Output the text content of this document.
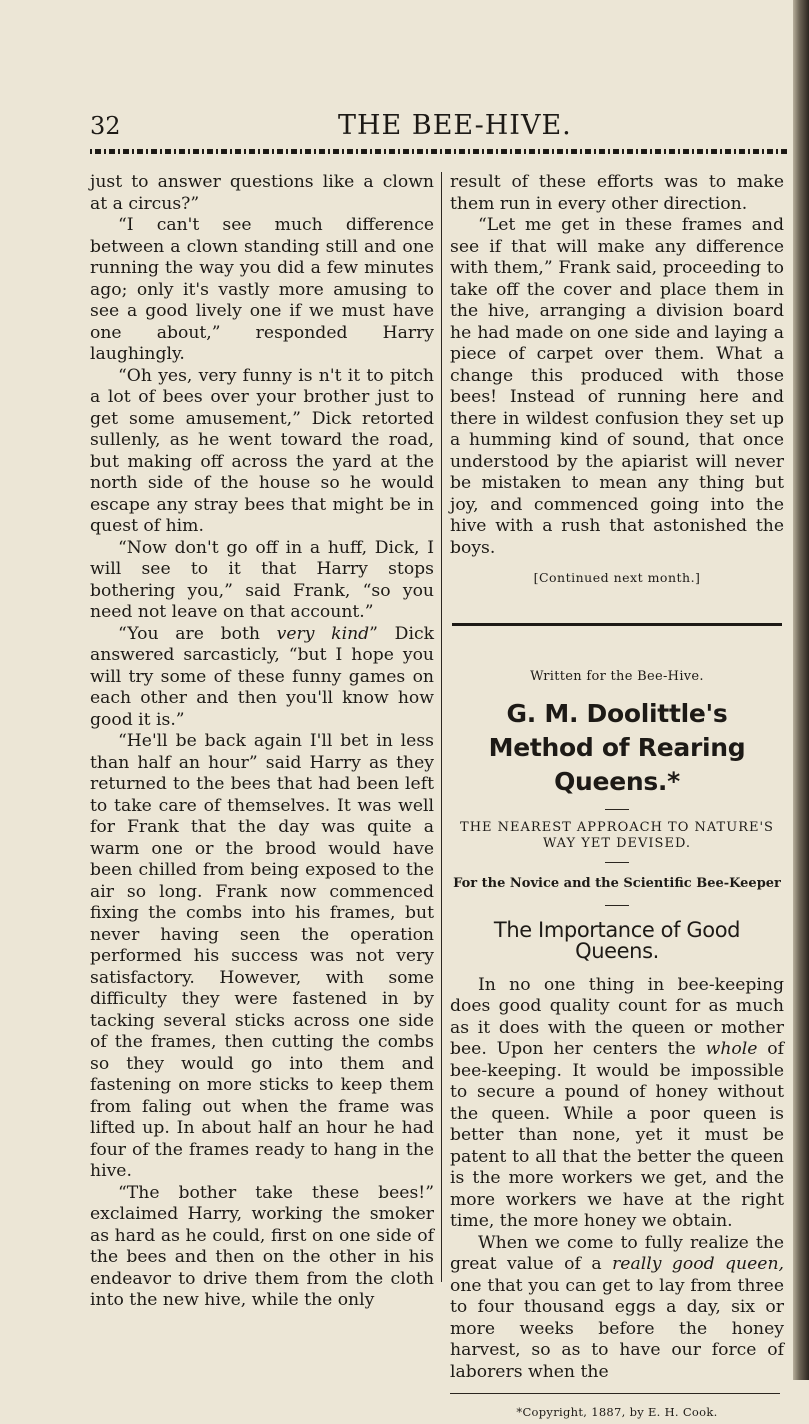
32	THE BEE-HIVE.

just to answer questions like a clown at a circus?”

“I can't see much difference between a clown standing still and one running the way you did a few minutes ago; only it's vastly more amusing to see a good lively one if we must have one about,” responded Harry laughingly.

“Oh yes, very funny is n't it to pitch a lot of bees over your brother just to get some amusement,” Dick retorted sullenly, as he went toward the road, but making off across the yard at the north side of the house so he would escape any stray bees that might be in quest of him.

“Now don't go off in a huff, Dick, I will see to it that Harry stops bothering you,” said Frank, “so you need not leave on that account.”

“You are both very kind” Dick answered sarcasticly, “but I hope you will try some of these funny games on each other and then you'll know how good it is.”

“He'll be back again I'll bet in less than half an hour” said Harry as they returned to the bees that had been left to take care of themselves. It was well for Frank that the day was quite a warm one or the brood would have been chilled from being exposed to the air so long. Frank now commenced fixing the combs into his frames, but never having seen the operation performed his success was not very satisfactory. However, with some difficulty they were fastened in by tacking several sticks across one side of the frames, then cutting the combs so they would go into them and fastening on more sticks to keep them from faling out when the frame was lifted up. In about half an hour he had four of the frames ready to hang in the hive.

“The bother take these bees!” exclaimed Harry, working the smoker as hard as he could, first on one side of the bees and then on the other in his endeavor to drive them from the cloth into the new hive, while the only

result of these efforts was to make them run in every other direction.

“Let me get in these frames and see if that will make any difference with them,” Frank said, proceeding to take off the cover and place them in the hive, arranging a division board he had made on one side and laying a piece of carpet over them. What a change this produced with those bees! Instead of running here and there in wildest confusion they set up a humming kind of sound, that once understood by the apiarist will never be mistaken to mean any thing but joy, and commenced going into the hive with a rush that astonished the boys.

[Continued next month.]
Written for the Bee-Hive.
G. M. Doolittle's Method of Rearing Queens.*
THE NEAREST APPROACH TO NATURE'S WAY YET DEVISED.
For the Novice and the Scientific Bee-Keeper
The Importance of Good Queens.

In no one thing in bee-keeping does good quality count for as much as it does with the queen or mother bee. Upon her centers the whole of bee-keeping. It would be impossible to secure a pound of honey without the queen. While a poor queen is better than none, yet it must be patent to all that the better the queen is the more workers we get, and the more workers we have at the right time, the more honey we obtain.

When we come to fully realize the great value of a really good queen, one that you can get to lay from three to four thousand eggs a day, six or more weeks before the honey harvest, so as to have our force of laborers when the

*Copyright, 1887, by E. H. Cook.
